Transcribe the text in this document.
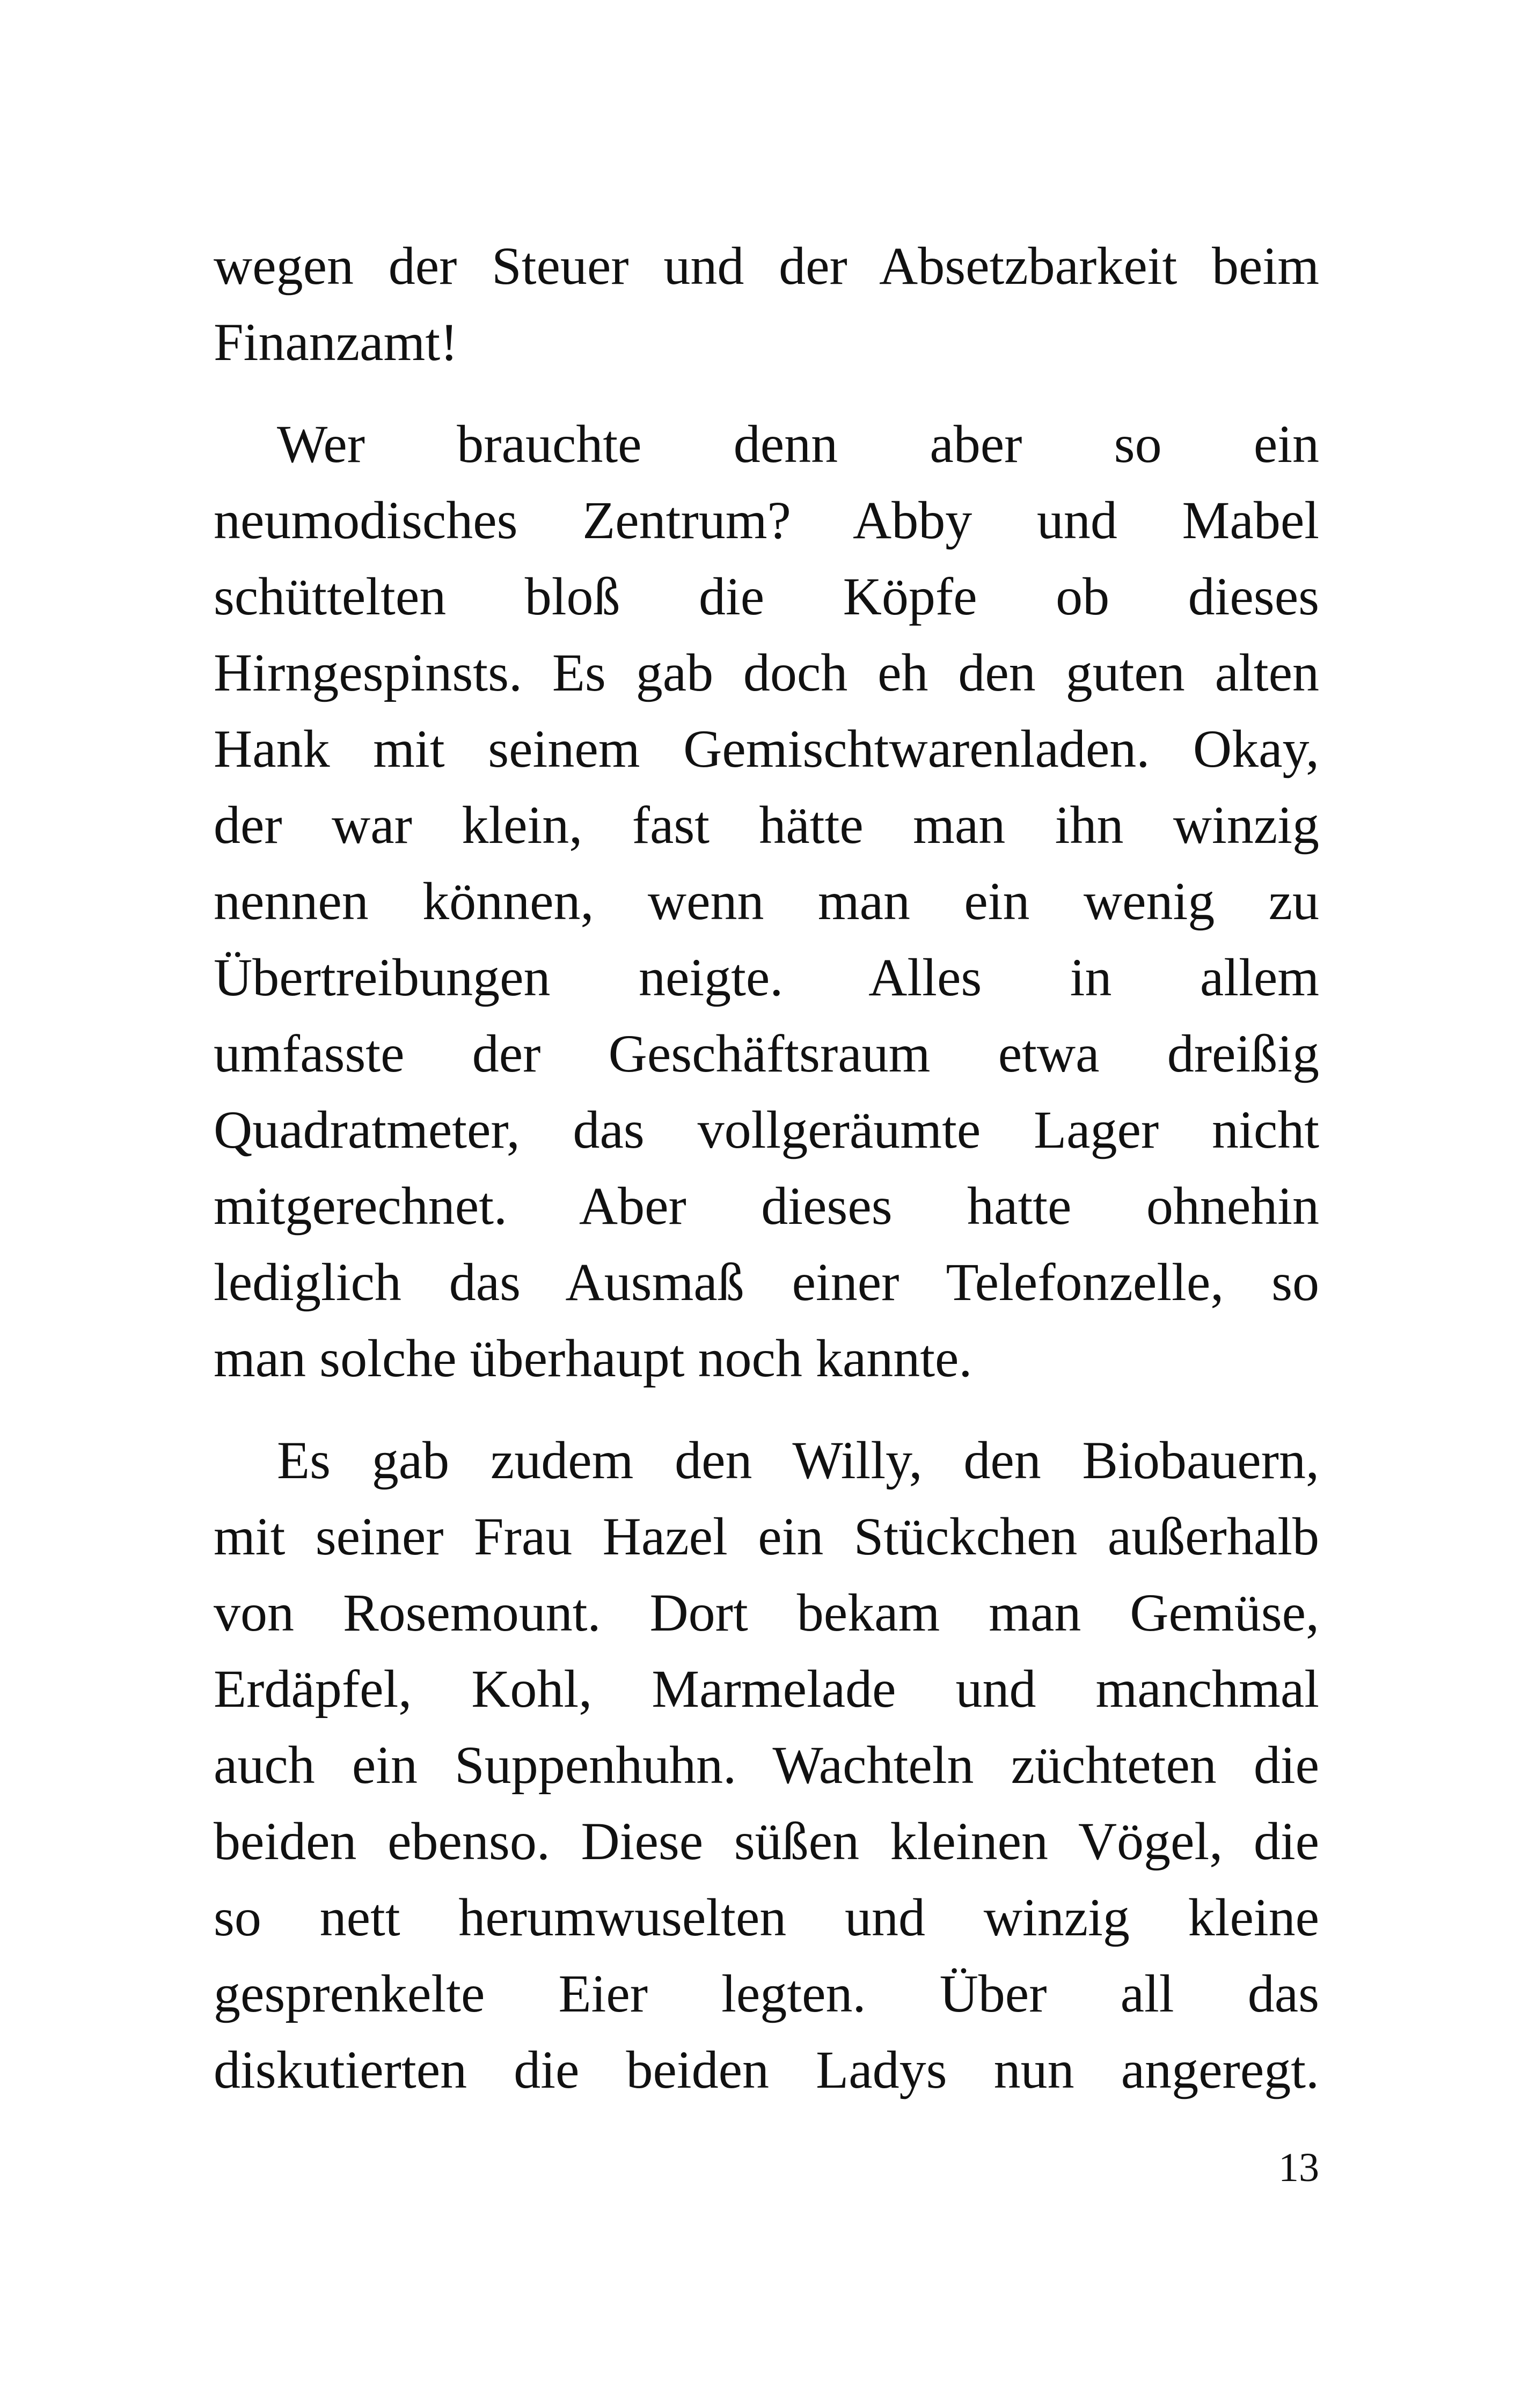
wegen der Steuer und der Absetzbarkeit beim
Finanzamt!

Wer brauchte denn aber so ein
neumodisches Zentrum? Abby und Mabel
schüttelten bloß die Köpfe ob dieses
Hirngespinsts. Es gab doch eh den guten alten
Hank mit seinem Gemischtwarenladen. Okay,
der war klein, fast hätte man ihn winzig
nennen können, wenn man ein wenig zu
Übertreibungen neigte. Alles in allem
umfasste der Geschäftsraum etwa dreißig
Quadratmeter, das vollgeräumte Lager nicht
mitgerechnet. Aber dieses hatte ohnehin
lediglich das Ausmaß einer Telefonzelle, so
man solche überhaupt noch kannte.

Es gab zudem den Willy, den Biobauern,
mit seiner Frau Hazel ein Stückchen außerhalb
von Rosemount. Dort bekam man Gemüse,
Erdäpfel, Kohl, Marmelade und manchmal
auch ein Suppenhuhn. Wachteln züchteten die
beiden ebenso. Diese süßen kleinen Vögel, die
so nett herumwuselten und winzig kleine
gesprenkelte Eier legten. Über all das
diskutierten die beiden Ladys nun angeregt.

13
